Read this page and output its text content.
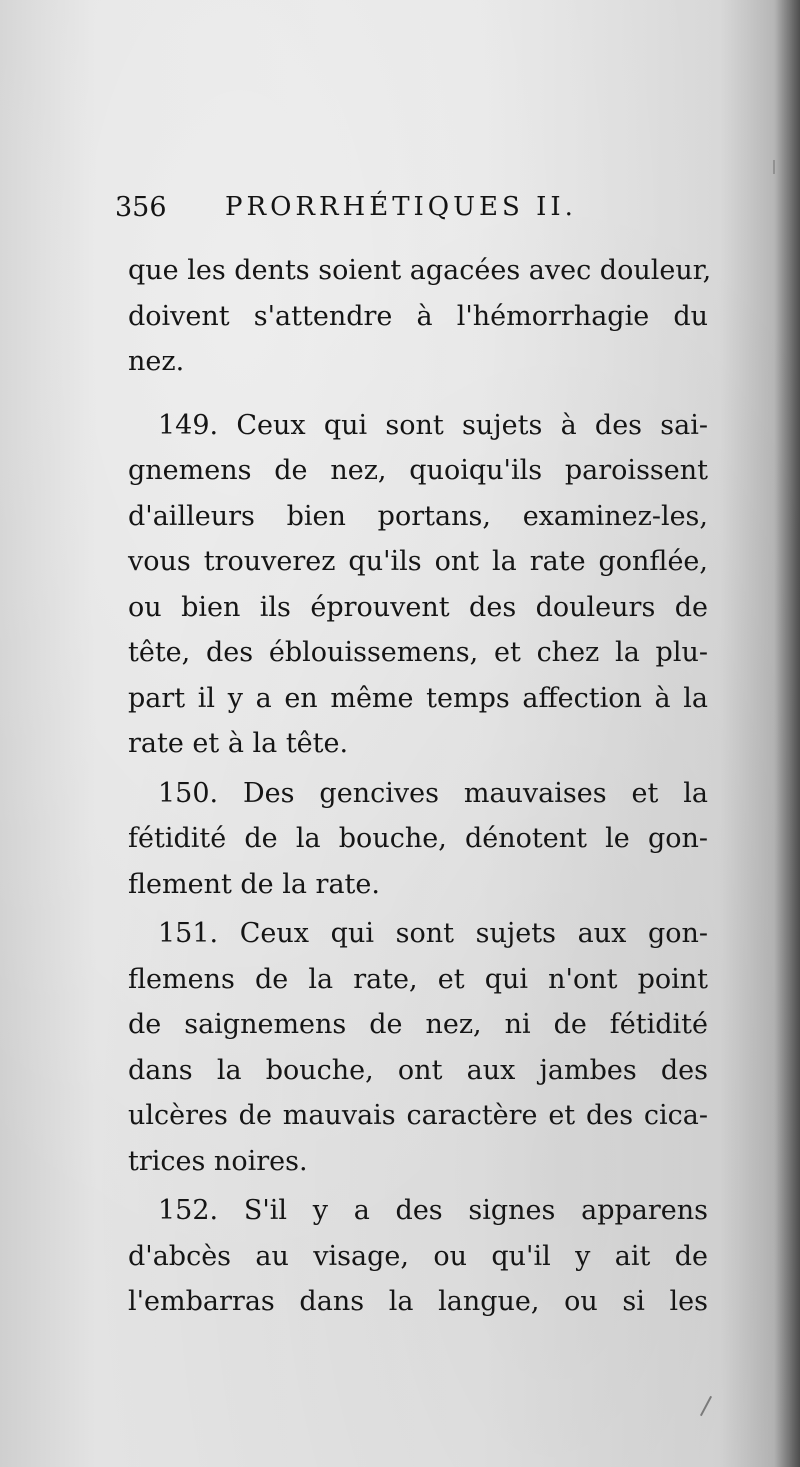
356 PRORRHÉTIQUES II.
que les dents soient agacées avec douleur,
doivent s'attendre à l'hémorrhagie du
nez.
149. Ceux qui sont sujets à des sai-
gnemens de nez, quoiqu'ils paroissent
d'ailleurs bien portans, examinez-les,
vous trouverez qu'ils ont la rate gonflée,
ou bien ils éprouvent des douleurs de
tête, des éblouissemens, et chez la plu-
part il y a en même temps affection à la
rate et à la tête.
150. Des gencives mauvaises et la
fétidité de la bouche, dénotent le gon-
flement de la rate.
151. Ceux qui sont sujets aux gon-
flemens de la rate, et qui n'ont point
de saignemens de nez, ni de fétidité
dans la bouche, ont aux jambes des
ulcères de mauvais caractère et des cica-
trices noires.
152. S'il y a des signes apparens
d'abcès au visage, ou qu'il y ait de
l'embarras dans la langue, ou si les
